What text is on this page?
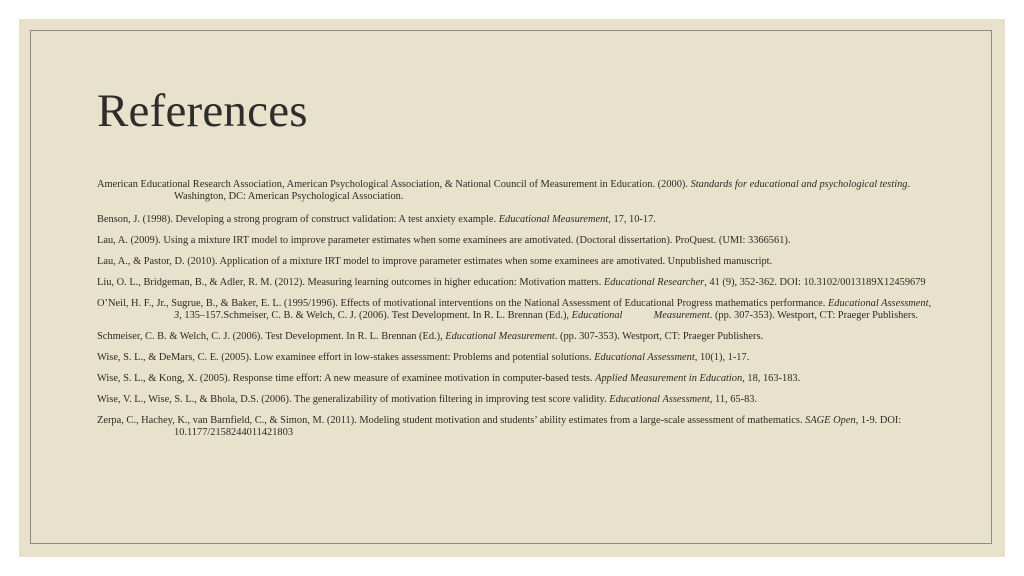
References
American Educational Research Association, American Psychological Association, & National Council of Measurement in Education. (2000). Standards for educational and psychological testing. Washington, DC: American Psychological Association.
Benson, J. (1998). Developing a strong program of construct validation: A test anxiety example. Educational Measurement, 17, 10-17.
Lau, A. (2009). Using a mixture IRT model to improve parameter estimates when some examinees are amotivated. (Doctoral dissertation). ProQuest. (UMI: 3366561).
Lau, A., & Pastor, D. (2010). Application of a mixture IRT model to improve parameter estimates when some examinees are amotivated. Unpublished manuscript.
Liu, O. L., Bridgeman, B., & Adler, R. M. (2012). Measuring learning outcomes in higher education: Motivation matters. Educational Researcher, 41 (9), 352-362. DOI: 10.3102/0013189X12459679
O’Neil, H. F., Jr., Sugrue, B., & Baker, E. L. (1995/1996). Effects of motivational interventions on the National Assessment of Educational Progress mathematics performance. Educational Assessment, 3, 135–157.Schmeiser, C. B. & Welch, C. J. (2006). Test Development. In R. L. Brennan (Ed.), Educational            Measurement. (pp. 307-353). Westport, CT: Praeger Publishers.
Schmeiser, C. B. & Welch, C. J. (2006). Test Development. In R. L. Brennan (Ed.), Educational Measurement. (pp. 307-353). Westport, CT: Praeger Publishers.
Wise, S. L., & DeMars, C. E. (2005). Low examinee effort in low-stakes assessment: Problems and potential solutions. Educational Assessment, 10(1), 1-17.
Wise, S. L., & Kong, X. (2005). Response time effort: A new measure of examinee motivation in computer-based tests. Applied Measurement in Education, 18, 163-183.
Wise, V. L., Wise, S. L., & Bhola, D.S. (2006). The generalizability of motivation filtering in improving test score validity. Educational Assessment, 11, 65-83.
Zerpa, C., Hachey, K., van Barnfield, C., & Simon, M. (2011). Modeling student motivation and students’ ability estimates from a large-scale assessment of mathematics. SAGE Open, 1-9. DOI: 10.1177/2158244011421803
